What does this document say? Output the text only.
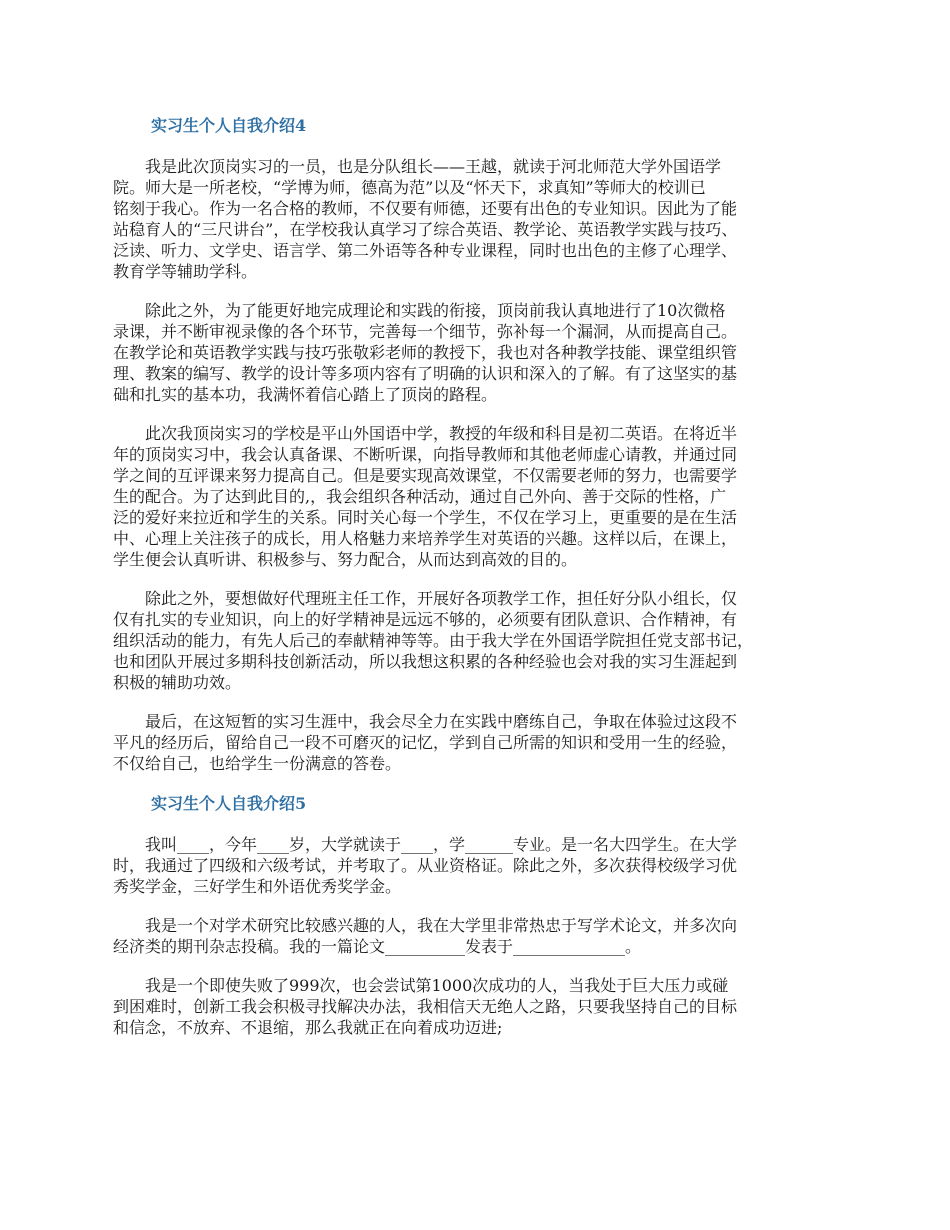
实习生个人自我介绍4

　　我是此次顶岗实习的一员，也是分队组长——王越，就读于河北师范大学外国语学
院。师大是一所老校，“学博为师，德高为范”以及“怀天下，求真知”等师大的校训已
铭刻于我心。作为一名合格的教师，不仅要有师德，还要有出色的专业知识。因此为了能
站稳育人的“三尺讲台”，在学校我认真学习了综合英语、教学论、英语教学实践与技巧、
泛读、听力、文学史、语言学、第二外语等各种专业课程，同时也出色的主修了心理学、
教育学等辅助学科。

　　除此之外，为了能更好地完成理论和实践的衔接，顶岗前我认真地进行了10次微格
录课，并不断审视录像的各个环节，完善每一个细节，弥补每一个漏洞，从而提高自己。
在教学论和英语教学实践与技巧张敬彩老师的教授下，我也对各种教学技能、课堂组织管
理、教案的编写、教学的设计等多项内容有了明确的认识和深入的了解。有了这坚实的基
础和扎实的基本功，我满怀着信心踏上了顶岗的路程。

　　此次我顶岗实习的学校是平山外国语中学，教授的年级和科目是初二英语。在将近半
年的顶岗实习中，我会认真备课、不断听课，向指导教师和其他老师虚心请教，并通过同
学之间的互评课来努力提高自己。但是要实现高效课堂，不仅需要老师的努力，也需要学
生的配合。为了达到此目的,，我会组织各种活动，通过自己外向、善于交际的性格，广
泛的爱好来拉近和学生的关系。同时关心每一个学生，不仅在学习上，更重要的是在生活
中、心理上关注孩子的成长，用人格魅力来培养学生对英语的兴趣。这样以后，在课上，
学生便会认真听讲、积极参与、努力配合，从而达到高效的目的。

　　除此之外，要想做好代理班主任工作，开展好各项教学工作，担任好分队小组长，仅
仅有扎实的专业知识，向上的好学精神是远远不够的，必须要有团队意识、合作精神，有
组织活动的能力，有先人后己的奉献精神等等。由于我大学在外国语学院担任党支部书记，
也和团队开展过多期科技创新活动，所以我想这积累的各种经验也会对我的实习生涯起到
积极的辅助功效。

　　最后，在这短暂的实习生涯中，我会尽全力在实践中磨练自己，争取在体验过这段不
平凡的经历后，留给自己一段不可磨灭的记忆，学到自己所需的知识和受用一生的经验，
不仅给自己，也给学生一份满意的答卷。

实习生个人自我介绍5

　　我叫____，今年____岁，大学就读于____，学______专业。是一名大四学生。在大学
时，我通过了四级和六级考试，并考取了。从业资格证。除此之外，多次获得校级学习优
秀奖学金，三好学生和外语优秀奖学金。

　　我是一个对学术研究比较感兴趣的人，我在大学里非常热忠于写学术论文，并多次向
经济类的期刊杂志投稿。我的一篇论文__________发表于______________。

　　我是一个即使失败了999次，也会尝试第1000次成功的人，当我处于巨大压力或碰
到困难时，创新工我会积极寻找解决办法，我相信天无绝人之路，只要我坚持自己的目标
和信念，不放弃、不退缩，那么我就正在向着成功迈进;
